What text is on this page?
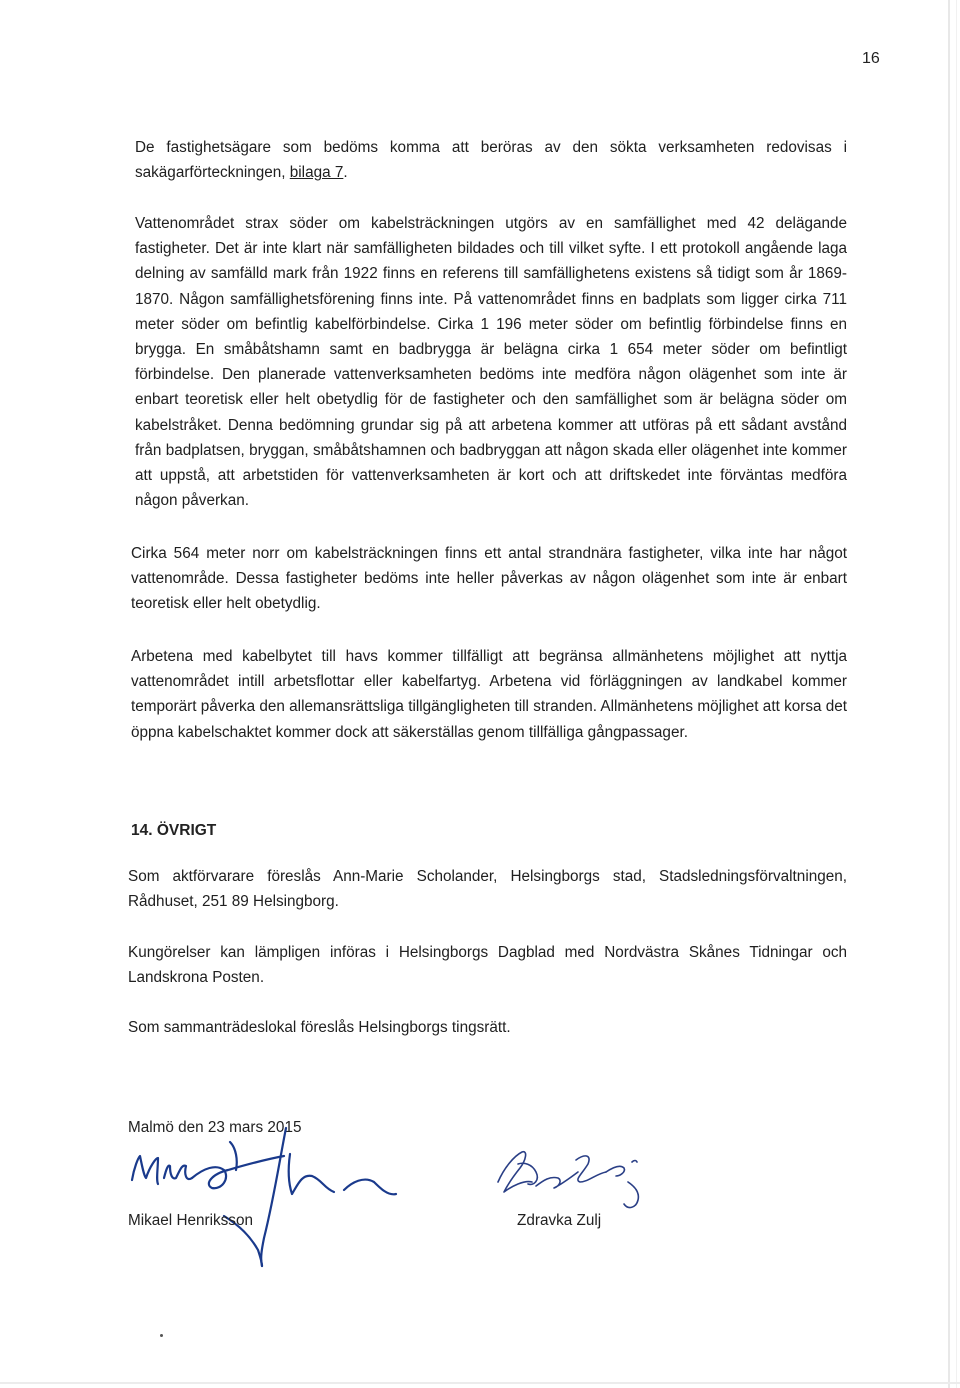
16

De fastighetsägare som bedöms komma att beröras av den sökta verksamheten redovisas i sakägarförteckningen, bilaga 7.

Vattenområdet strax söder om kabelsträckningen utgörs av en samfällighet med 42 delägande fastigheter. Det är inte klart när samfälligheten bildades och till vilket syfte. I ett protokoll angående laga delning av samfälld mark från 1922 finns en referens till samfällighetens existens så tidigt som år 1869-1870. Någon samfällighetsförening finns inte. På vattenområdet finns en badplats som ligger cirka 711 meter söder om befintlig kabelförbindelse. Cirka 1 196 meter söder om befintlig förbindelse finns en brygga. En småbåtshamn samt en badbrygga är belägna cirka 1 654 meter söder om befintligt förbindelse. Den planerade vattenverksamheten bedöms inte medföra någon olägenhet som inte är enbart teoretisk eller helt obetydlig för de fastigheter och den samfällighet som är belägna söder om kabelstråket. Denna bedömning grundar sig på att arbetena kommer att utföras på ett sådant avstånd från badplatsen, bryggan, småbåtshamnen och badbryggan att någon skada eller olägenhet inte kommer att uppstå, att arbetstiden för vattenverksamheten är kort och att driftskedet inte förväntas medföra någon påverkan.

Cirka 564 meter norr om kabelsträckningen finns ett antal strandnära fastigheter, vilka inte har något vattenområde. Dessa fastigheter bedöms inte heller påverkas av någon olägenhet som inte är enbart teoretisk eller helt obetydlig.

Arbetena med kabelbytet till havs kommer tillfälligt att begränsa allmänhetens möjlighet att nyttja vattenområdet intill arbetsflottar eller kabelfartyg. Arbetena vid förläggningen av landkabel kommer temporärt påverka den allemansrättsliga tillgängligheten till stranden. Allmänhetens möjlighet att korsa det öppna kabelschaktet kommer dock att säkerställas genom tillfälliga gångpassager.

14. ÖVRIGT

Som aktförvarare föreslås Ann-Marie Scholander, Helsingborgs stad, Stadsledningsförvaltningen, Rådhuset, 251 89 Helsingborg.

Kungörelser kan lämpligen införas i Helsingborgs Dagblad med Nordvästra Skånes Tidningar och Landskrona Posten.

Som sammanträdeslokal föreslås Helsingborgs tingsrätt.

Malmö den 23 mars 2015
Mikael Henriksson	Zdravka Zulj
